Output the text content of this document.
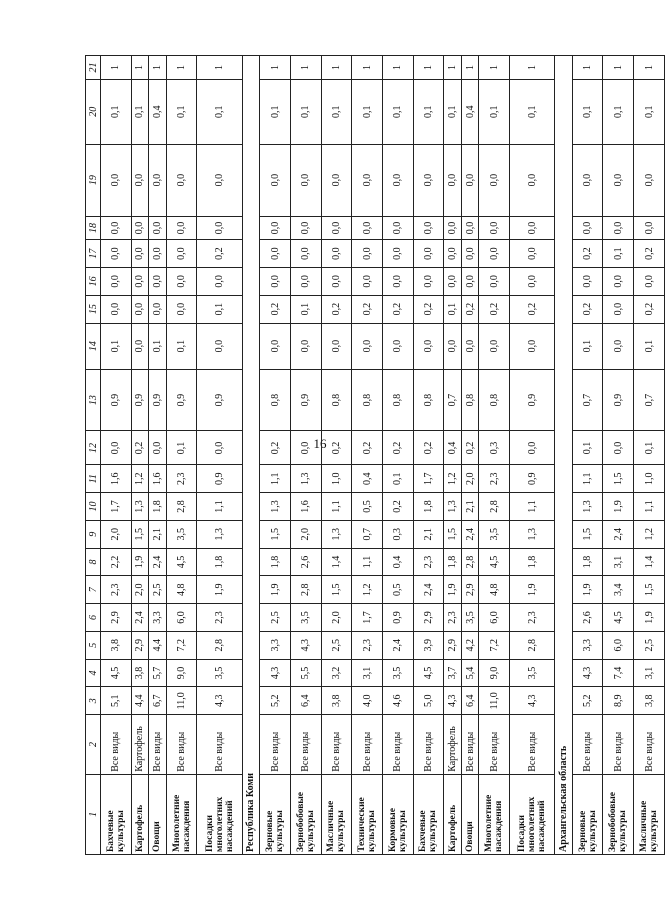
16
1	2	3	4	5	6	7	8	9	10	11	12	13	14	15	16	17	18	19	20	21
Бахчевые культуры	Все виды	5,1	4,5	3,8	2,9	2,3	2,2	2,0	1,7	1,6	0,0	0,9	0,1	0,0	0,0	0,0	0,0	0,0	0,1	1
Картофель	Картофель	4,4	3,8	2,9	2,4	2,0	1,9	1,5	1,3	1,2	0,2	0,9	0,0	0,0	0,0	0,0	0,0	0,0	0,1	1
Овощи	Все виды	6,7	5,7	4,4	3,3	2,5	2,4	2,1	1,8	1,6	0,0	0,9	0,1	0,0	0,0	0,0	0,0	0,0	0,4	1
Многолетние насаждения	Все виды	11,0	9,0	7,2	6,0	4,8	4,5	3,5	2,8	2,3	0,1	0,9	0,1	0,0	0,0	0,0	0,0	0,0	0,1	1
Посадки многолетних насаждений	Все виды	4,3	3,5	2,8	2,3	1,9	1,8	1,3	1,1	0,9	0,0	0,9	0,0	0,1	0,0	0,2	0,0	0,0	0,1	1
Республика Коми																				
Зерновые культуры	Все виды	5,2	4,3	3,3	2,5	1,9	1,8	1,5	1,3	1,1	0,2	0,8	0,0	0,2	0,0	0,0	0,0	0,0	0,1	1
Зернобобовые культуры	Все виды	6,4	5,5	4,3	3,5	2,8	2,6	2,0	1,6	1,3	0,0	0,9	0,0	0,1	0,0	0,0	0,0	0,0	0,1	1
Масличные культуры	Все виды	3,8	3,2	2,5	2,0	1,5	1,4	1,3	1,1	1,0	0,2	0,8	0,0	0,2	0,0	0,0	0,0	0,0	0,1	1
Технические культуры	Все виды	4,0	3,1	2,3	1,7	1,2	1,1	0,7	0,5	0,4	0,2	0,8	0,0	0,2	0,0	0,0	0,0	0,0	0,1	1
Кормовые культуры	Все виды	4,6	3,5	2,4	0,9	0,5	0,4	0,3	0,2	0,1	0,2	0,8	0,0	0,2	0,0	0,0	0,0	0,0	0,1	1
Бахчевые культуры	Все виды	5,0	4,5	3,9	2,9	2,4	2,3	2,1	1,8	1,7	0,2	0,8	0,0	0,2	0,0	0,0	0,0	0,0	0,1	1
Картофель	Картофель	4,3	3,7	2,9	2,3	1,9	1,8	1,5	1,3	1,2	0,4	0,7	0,0	0,1	0,0	0,0	0,0	0,0	0,1	1
Овощи	Все виды	6,4	5,4	4,2	3,5	2,9	2,8	2,4	2,1	2,0	0,2	0,8	0,0	0,2	0,0	0,0	0,0	0,0	0,4	1
Многолетние насаждения	Все виды	11,0	9,0	7,2	6,0	4,8	4,5	3,5	2,8	2,3	0,3	0,8	0,0	0,2	0,0	0,0	0,0	0,0	0,1	1
Посадки многолетних насаждений	Все виды	4,3	3,5	2,8	2,3	1,9	1,8	1,3	1,1	0,9	0,0	0,9	0,0	0,2	0,0	0,0	0,0	0,0	0,1	1
Архангельская область																				
Зерновые культуры	Все виды	5,2	4,3	3,3	2,6	1,9	1,8	1,5	1,3	1,1	0,1	0,7	0,1	0,2	0,0	0,2	0,0	0,0	0,1	1
Зернобобовые культуры	Все виды	8,9	7,4	6,0	4,5	3,4	3,1	2,4	1,9	1,5	0,0	0,9	0,0	0,0	0,0	0,1	0,0	0,0	0,1	1
Масличные культуры	Все виды	3,8	3,1	2,5	1,9	1,5	1,4	1,2	1,1	1,0	0,1	0,7	0,1	0,2	0,0	0,2	0,0	0,0	0,1	1
